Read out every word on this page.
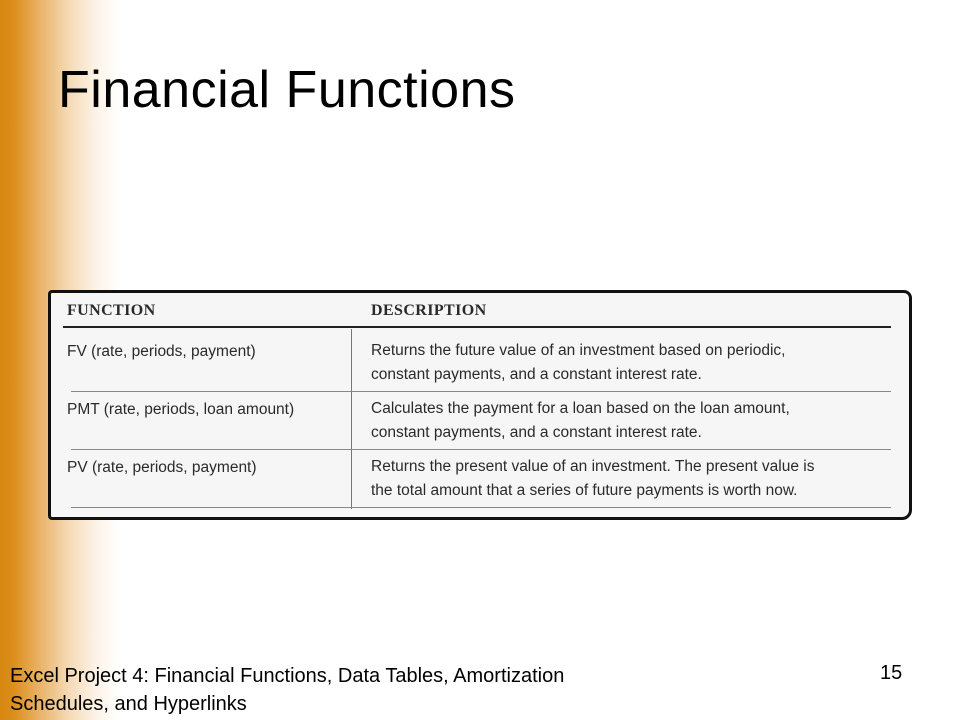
Financial Functions
FUNCTION	DESCRIPTION
FV (rate, periods, payment)	Returns the future value of an investment based on periodic,
constant payments, and a constant interest rate.
PMT (rate, periods, loan amount)	Calculates the payment for a loan based on the loan amount,
constant payments, and a constant interest rate.
PV (rate, periods, payment)	Returns the present value of an investment. The present value is
the total amount that a series of future payments is worth now.
Excel Project 4: Financial Functions, Data Tables, Amortization
Schedules, and Hyperlinks
15
